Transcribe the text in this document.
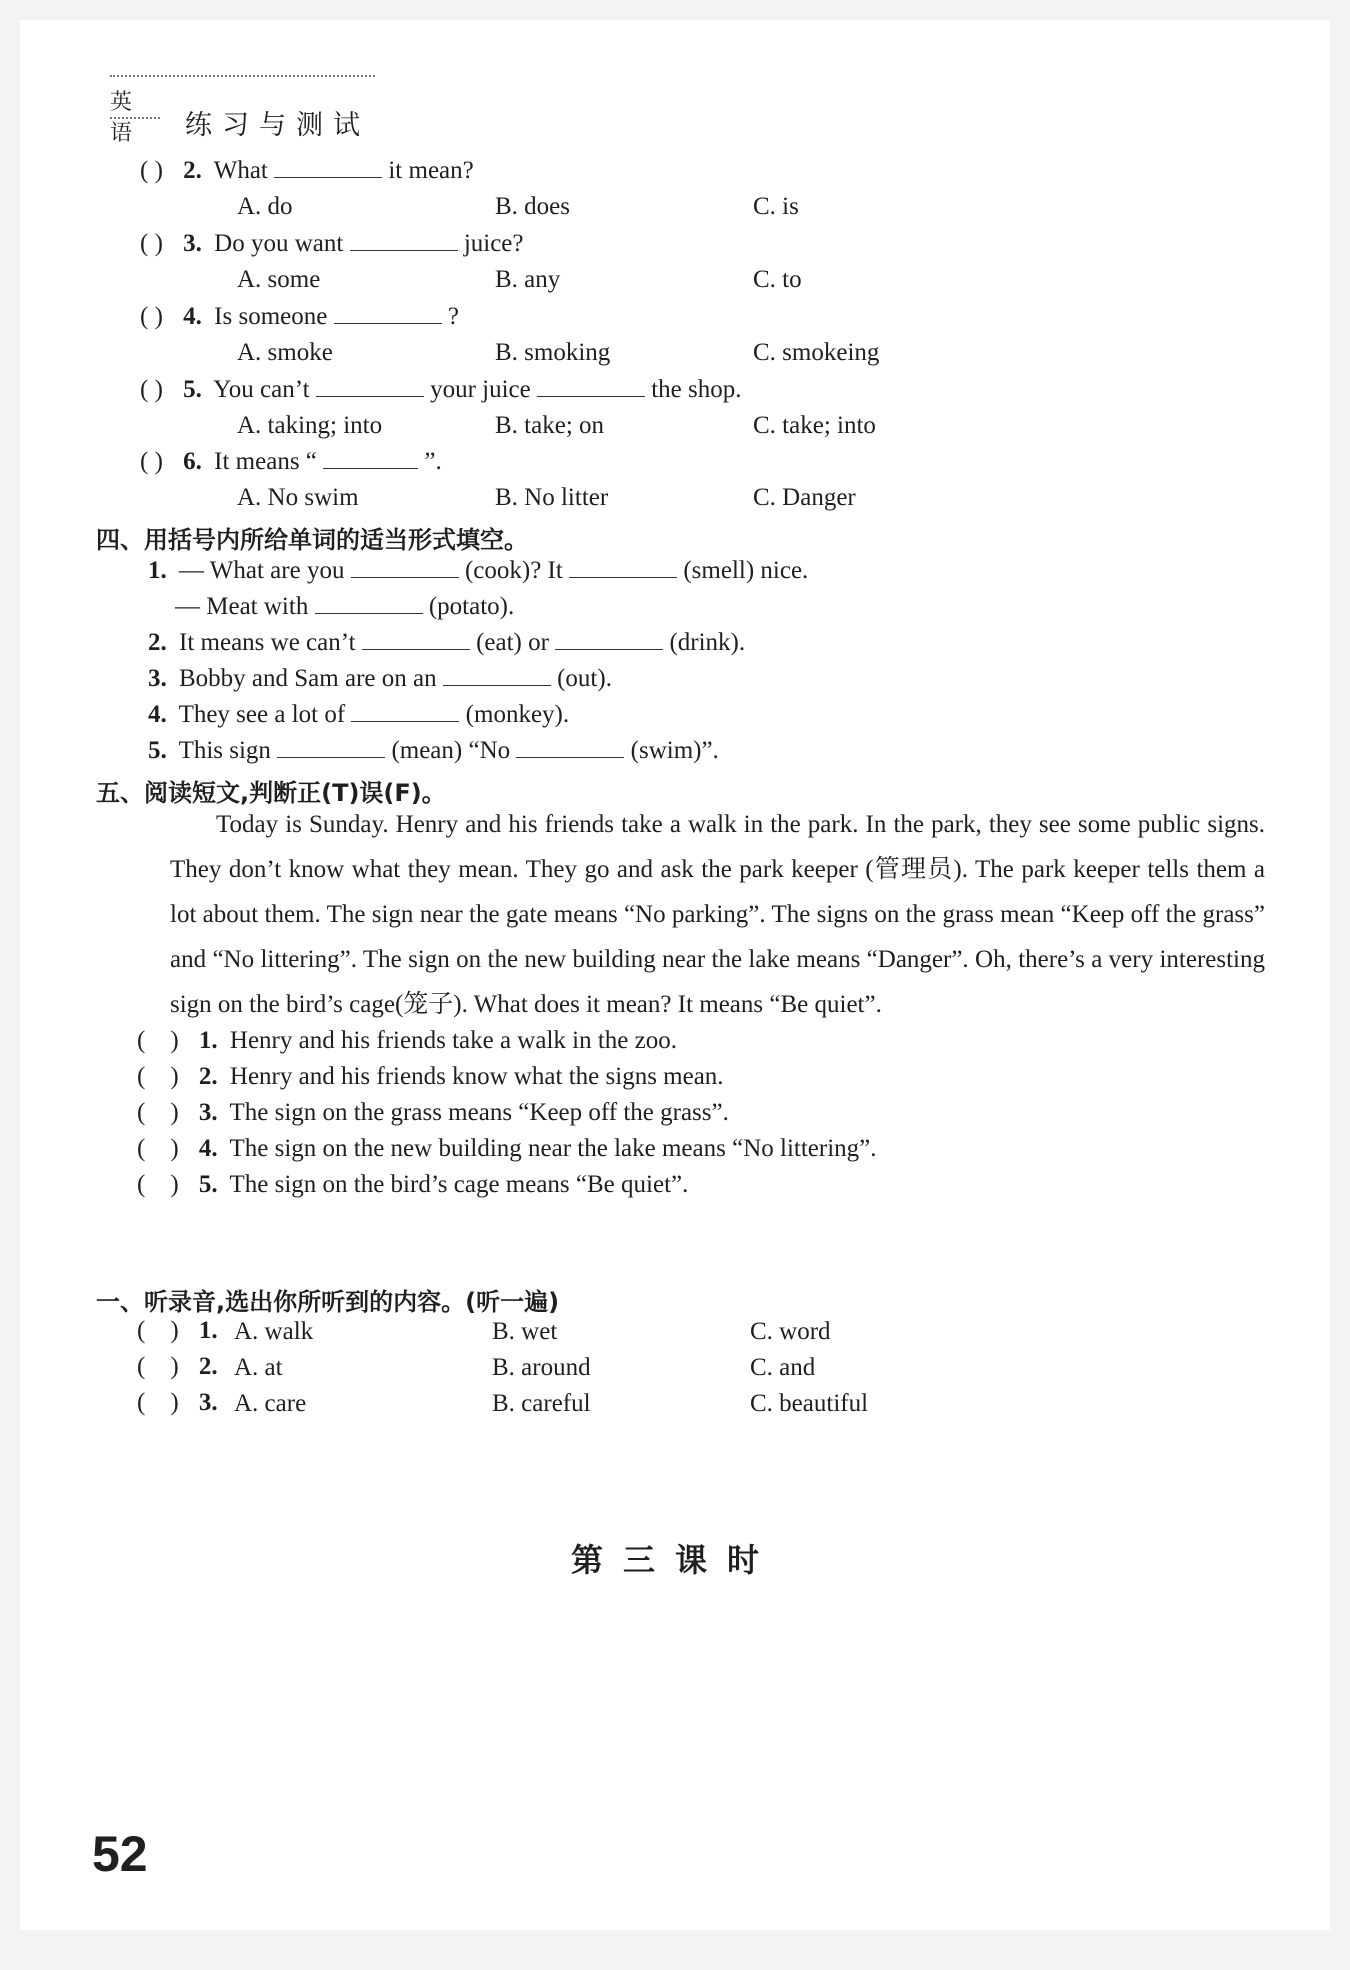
英语 练习与测试
( ) 2. What	it mean?
A. do	B. does	C. is
( ) 3. Do you want	juice?
A. some	B. any	C. to
( ) 4. Is someone	?
A. smoke	B. smoking	C. smokeing
( ) 5. You can’t	your juice	the shop.
A. taking; into	B. take; on	C. take; into
( ) 6. It means “	”.
A. No swim	B. No litter	C. Danger
四、用括号内所给单词的适当形式填空。
1. — What are you	(cook)? It	(smell) nice.
— Meat with	(potato).
2. It means we can’t	(eat) or	(drink).
3. Bobby and Sam are on an	(out).
4. They see a lot of	(monkey).
5. This sign	(mean) “No	(swim)”.
五、阅读短文,判断正(T)误(F)。

Today is Sunday. Henry and his friends take a walk in the park. In the park, they see some public signs. They don’t know what they mean. They go and ask the park keeper (管理员). The park keeper tells them a lot about them. The sign near the gate means “No parking”. The signs on the grass mean “Keep off the grass” and “No littering”. The sign on the new building near the lake means “Danger”. Oh, there’s a very interesting sign on the bird’s cage(笼子). What does it mean? It means “Be quiet”.

(    ) 1. Henry and his friends take a walk in the zoo.
(    ) 2. Henry and his friends know what the signs mean.
(    ) 3. The sign on the grass means “Keep off the grass”.
(    ) 4. The sign on the new building near the lake means “No littering”.
(    ) 5. The sign on the bird’s cage means “Be quiet”.
第三课时
一、听录音,选出你所听到的内容。(听一遍)
(    ) 1. A. walk	B. wet	C. word
(    ) 2. A. at	B. around	C. and
(    ) 3. A. care	B. careful	C. beautiful
52
